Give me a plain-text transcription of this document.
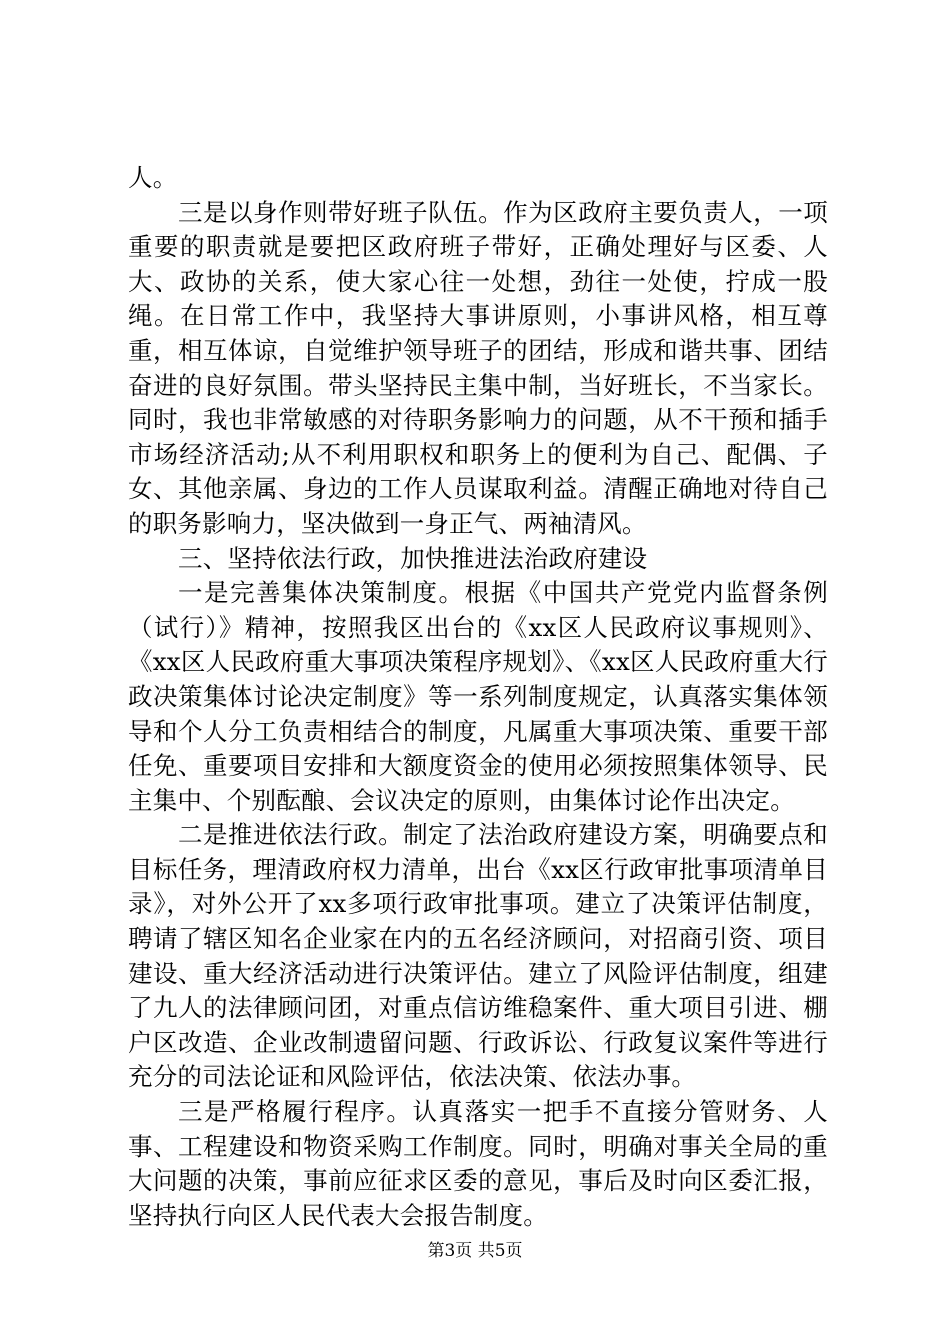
人。

三是以身作则带好班子队伍。作为区政府主要负责人，一项重要的职责就是要把区政府班子带好，正确处理好与区委、人大、政协的关系，使大家心往一处想，劲往一处使，拧成一股绳。在日常工作中，我坚持大事讲原则，小事讲风格，相互尊重，相互体谅，自觉维护领导班子的团结，形成和谐共事、团结奋进的良好氛围。带头坚持民主集中制，当好班长，不当家长。同时，我也非常敏感的对待职务影响力的问题，从不干预和插手市场经济活动;从不利用职权和职务上的便利为自己、配偶、子女、其他亲属、身边的工作人员谋取利益。清醒正确地对待自己的职务影响力，坚决做到一身正气、两袖清风。

三、坚持依法行政，加快推进法治政府建设

一是完善集体决策制度。根据《中国共产党党内监督条例（试行）》精神，按照我区出台的《xx区人民政府议事规则》、《xx区人民政府重大事项决策程序规划》、《xx区人民政府重大行政决策集体讨论决定制度》等一系列制度规定，认真落实集体领导和个人分工负责相结合的制度，凡属重大事项决策、重要干部任免、重要项目安排和大额度资金的使用必须按照集体领导、民主集中、个别酝酿、会议决定的原则，由集体讨论作出决定。

二是推进依法行政。制定了法治政府建设方案，明确要点和目标任务，理清政府权力清单，出台《xx区行政审批事项清单目录》，对外公开了xx多项行政审批事项。建立了决策评估制度，聘请了辖区知名企业家在内的五名经济顾问，对招商引资、项目建设、重大经济活动进行决策评估。建立了风险评估制度，组建了九人的法律顾问团，对重点信访维稳案件、重大项目引进、棚户区改造、企业改制遗留问题、行政诉讼、行政复议案件等进行充分的司法论证和风险评估，依法决策、依法办事。

三是严格履行程序。认真落实一把手不直接分管财务、人事、工程建设和物资采购工作制度。同时，明确对事关全局的重大问题的决策，事前应征求区委的意见，事后及时向区委汇报，坚持执行向区人民代表大会报告制度。

第3页 共5页
